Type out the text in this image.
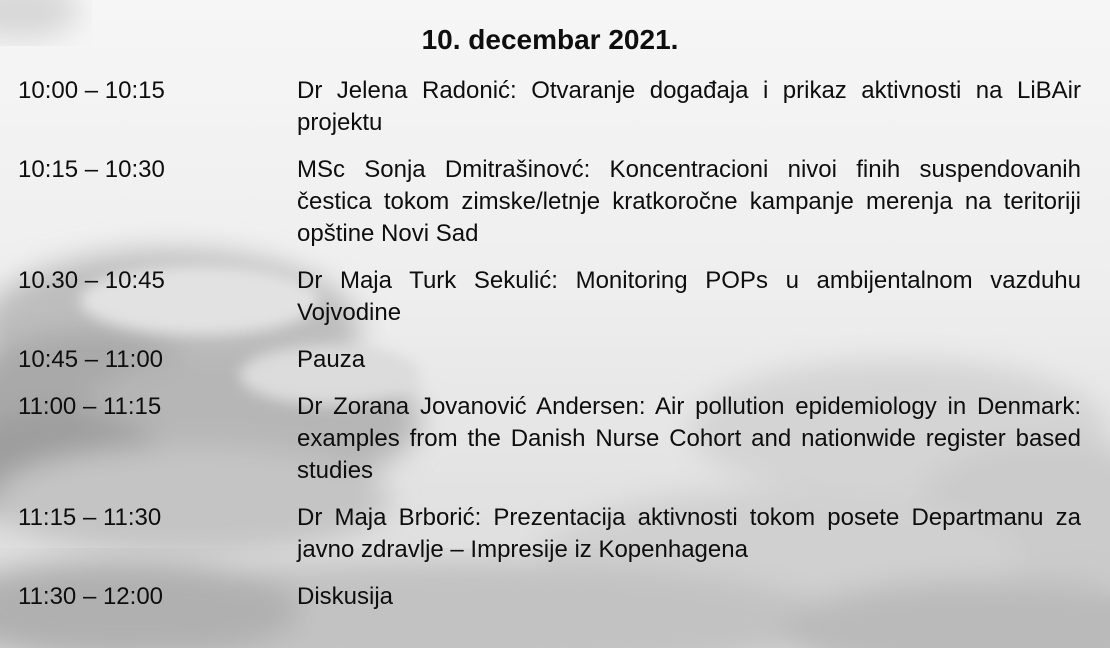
10. decembar 2021.
10:00 – 10:15	Dr Jelena Radonić: Otvaranje događaja i prikaz aktivnosti na LiBAir projektu
10:15 – 10:30	MSc Sonja Dmitrašinovć: Koncentracioni nivoi finih suspendovanih čestica tokom zimske/letnje kratkoročne kampanje merenja na teritoriji opštine Novi Sad
10.30 – 10:45	Dr Maja Turk Sekulić: Monitoring POPs u ambijentalnom vazduhu Vojvodine
10:45 – 11:00	Pauza
11:00 – 11:15	Dr Zorana Jovanović Andersen: Air pollution epidemiology in Denmark: examples from the Danish Nurse Cohort and nationwide register based studies
11:15 – 11:30	Dr Maja Brborić: Prezentacija aktivnosti tokom posete Departmanu za javno zdravlje – Impresije iz Kopenhagena
11:30 – 12:00	Diskusija
